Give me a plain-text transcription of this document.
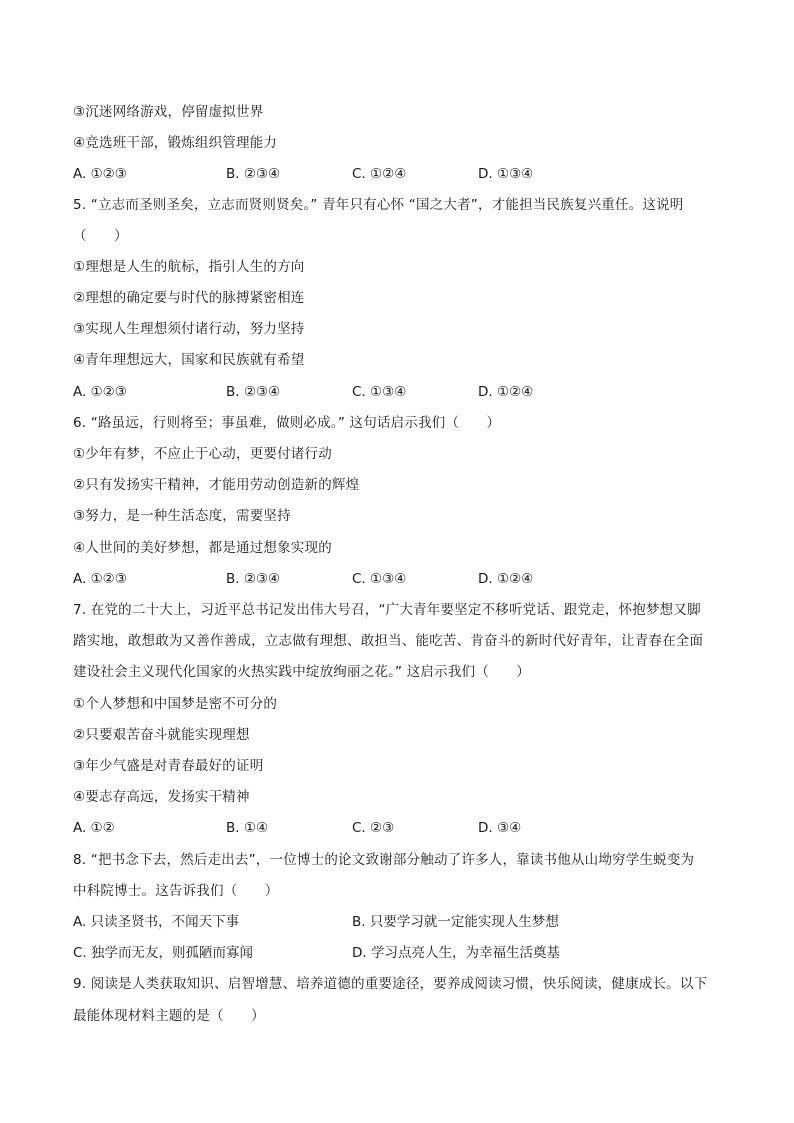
③沉迷网络游戏，停留虚拟世界
④竞选班干部，锻炼组织管理能力
A. ①②③	B. ②③④	C. ①②④	D. ①③④
5. “立志而圣则圣矣，立志而贤则贤矣。” 青年只有心怀 “国之大者”，才能担当民族复兴重任。这说明
（　　）
①理想是人生的航标，指引人生的方向
②理想的确定要与时代的脉搏紧密相连
③实现人生理想须付诸行动，努力坚持
④青年理想远大，国家和民族就有希望
A. ①②③	B. ②③④	C. ①③④	D. ①②④
6. “路虽远，行则将至；事虽难，做则必成。” 这句话启示我们（　　）
①少年有梦，不应止于心动，更要付诸行动
②只有发扬实干精神，才能用劳动创造新的辉煌
③努力，是一种生活态度，需要坚持
④人世间的美好梦想，都是通过想象实现的
A. ①②③	B. ②③④	C. ①③④	D. ①②④
7. 在党的二十大上，习近平总书记发出伟大号召，“广大青年要坚定不移听党话、跟党走，怀抱梦想又脚
踏实地，敢想敢为又善作善成，立志做有理想、敢担当、能吃苦、肯奋斗的新时代好青年，让青春在全面
建设社会主义现代化国家的火热实践中绽放绚丽之花。” 这启示我们（　　）
①个人梦想和中国梦是密不可分的
②只要艰苦奋斗就能实现理想
③年少气盛是对青春最好的证明
④要志存高远，发扬实干精神
A. ①②	B. ①④	C. ②③	D. ③④
8. “把书念下去，然后走出去”，一位博士的论文致谢部分触动了许多人，靠读书他从山坳穷学生蜕变为
中科院博士。这告诉我们（　　）
A. 只读圣贤书，不闻天下事	B. 只要学习就一定能实现人生梦想
C. 独学而无友，则孤陋而寡闻	D. 学习点亮人生，为幸福生活奠基
9. 阅读是人类获取知识、启智增慧、培养道德的重要途径，要养成阅读习惯，快乐阅读，健康成长。以下
最能体现材料主题的是（　　）
